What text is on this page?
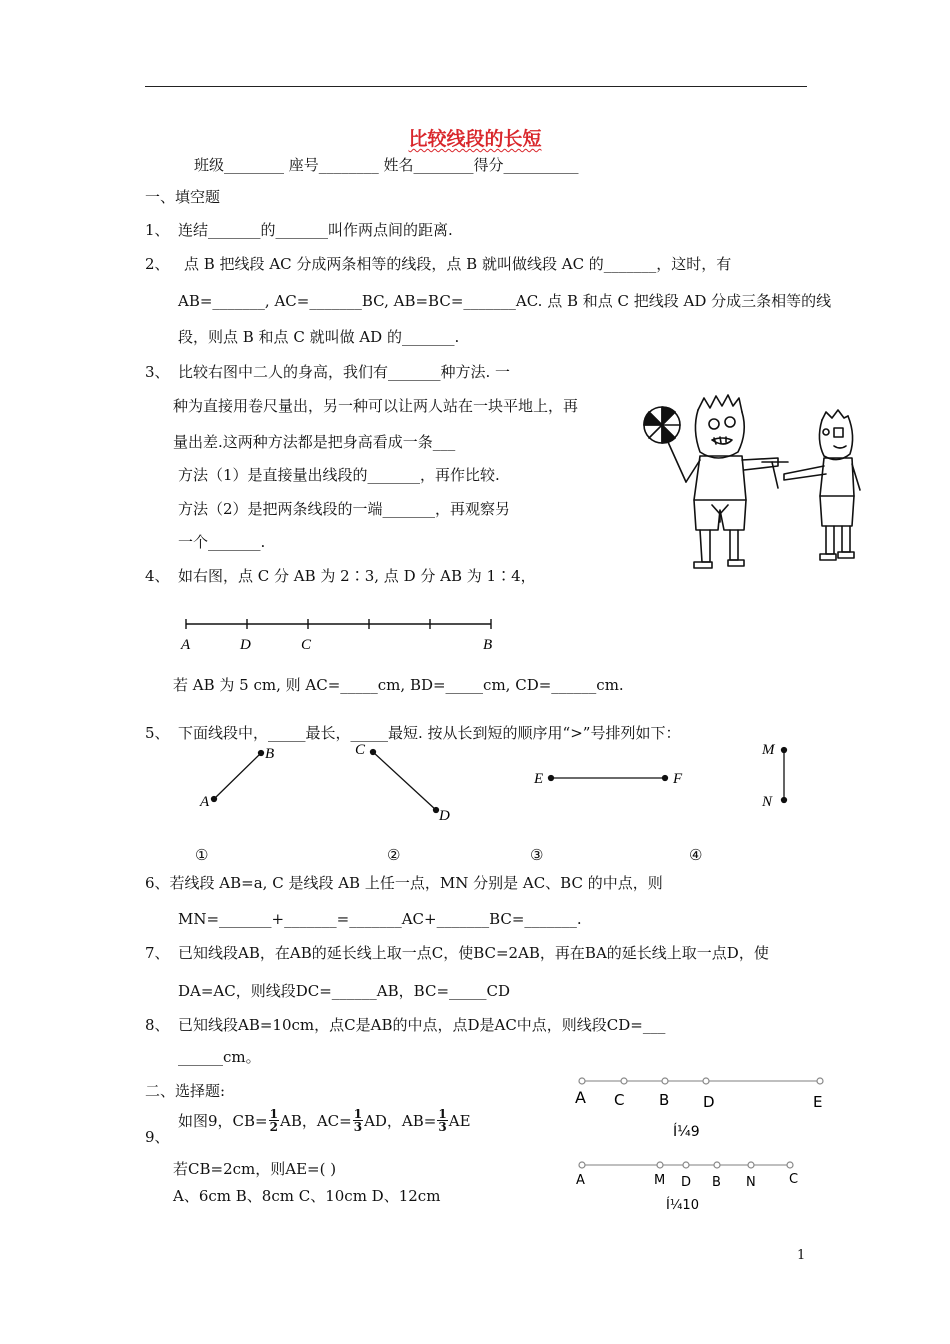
比较线段的长短
班级________ 座号________ 姓名________得分__________
一、填空题
1、 连结_______的_______叫作两点间的距离.
2、 点 B 把线段 AC 分成两条相等的线段，点 B 就叫做线段 AC 的_______，这时，有
AB=_______, AC=_______BC, AB=BC=_______AC. 点 B 和点 C 把线段 AD 分成三条相等的线
段，则点 B 和点 C 就叫做 AD 的_______.
3、 比较右图中二人的身高，我们有_______种方法. 一
种为直接用卷尺量出，另一种可以让两人站在一块平地上，再
量出差.这两种方法都是把身高看成一条___
方法（1）是直接量出线段的_______，再作比较.
方法（2）是把两条线段的一端_______，再观察另
一个_______.
4、 如右图，点 C 分 AB 为 2∶3, 点 D 分 AB 为 1∶4，
A	D	C	B
若 AB 为 5 cm, 则 AC=_____cm, BD=_____cm, CD=______cm.
5、 下面线段中，_____最长，_____最短. 按从长到短的顺序用“>”号排列如下：
A
B	C
D
E	F
M
N
①	②	③	④
6、若线段 AB=a, C 是线段 AB 上任一点，MN 分别是 AC、BC 的中点，则
MN=_______+_______=_______AC+_______BC=_______.
7、 已知线段AB，在AB的延长线上取一点C，使BC=2AB，再在BA的延长线上取一点D，使
DA=AC，则线段DC=______AB，BC=_____CD
8、 已知线段AB=10cm，点C是AB的中点，点D是AC中点，则线段CD=___
______cm。
二、选择题:
9、
如图9，$CB= \frac{1}{2}$ AB，$AC= \frac{1}{3}$ AD，$AB= \frac{1}{3}$ AE
若CB=2cm，则AE=( )
A、6cm B、8cm C、10cm D、12cm
A C B D	E
Í¼9
A	M D B N	C
Í¼10
1
